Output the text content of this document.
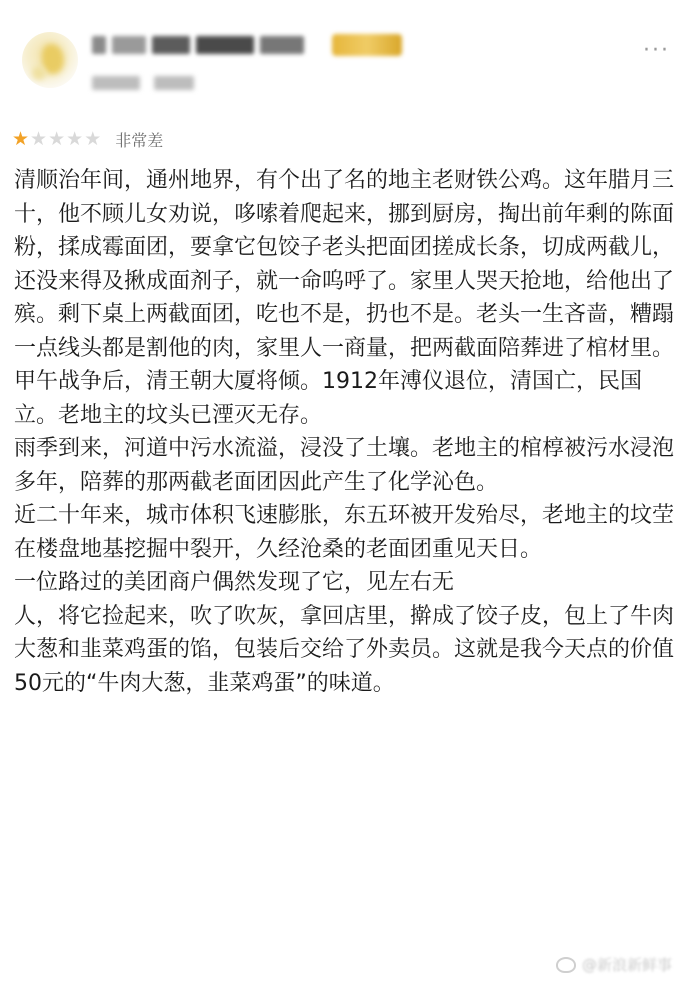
···
★ ★ ★ ★ ★ 非常差

清顺治年间，通州地界，有个出了名的地主老财铁公鸡。这年腊月三十，他不顾儿女劝说，哆嗦着爬起来，挪到厨房，掏出前年剩的陈面粉，揉成霉面团，要拿它包饺子老头把面团搓成长条，切成两截儿，还没来得及揪成面剂子，就一命呜呼了。家里人哭天抢地，给他出了殡。剩下桌上两截面团，吃也不是，扔也不是。老头一生吝啬，糟蹋一点线头都是割他的肉，家里人一商量，把两截面陪葬进了棺材里。

甲午战争后，清王朝大厦将倾。1912年溥仪退位，清国亡，民国立。老地主的坟头已湮灭无存。

雨季到来，河道中污水流溢，浸没了土壤。老地主的棺椁被污水浸泡多年，陪葬的那两截老面团因此产生了化学沁色。

近二十年来，城市体积飞速膨胀，东五环被开发殆尽，老地主的坟茔在楼盘地基挖掘中裂开，久经沧桑的老面团重见天日。

一位路过的美团商户偶然发现了它，见左右无

人，将它捡起来，吹了吹灰，拿回店里，擀成了饺子皮，包上了牛肉大葱和韭菜鸡蛋的馅，包装后交给了外卖员。这就是我今天点的价值50元的“牛肉大葱，韭菜鸡蛋”的味道。

@新浪新鲜事
